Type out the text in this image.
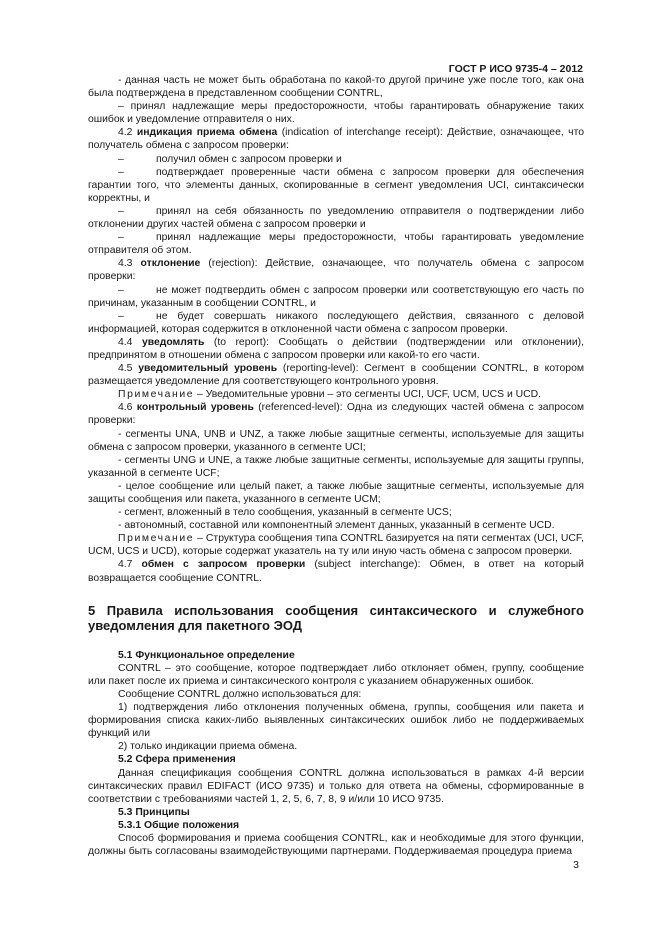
ГОСТ Р ИСО 9735-4 – 2012

- данная часть не может быть обработана по какой-то другой причине уже после того, как она была подтверждена в представленном сообщении CONTRL,

– принял надлежащие меры предосторожности, чтобы гарантировать обнаружение таких ошибок и уведомление отправителя о них.

4.2 индикация приема обмена (indication of interchange receipt): Действие, означающее, что получатель обмена с запросом проверки:

–	получил обмен с запросом проверки и

–	подтверждает проверенные части обмена с запросом проверки для обеспечения гарантии того, что элементы данных, скопированные в сегмент уведомления UCI, синтаксически корректны, и

–	принял на себя обязанность по уведомлению отправителя о подтверждении либо отклонении других частей обмена с запросом проверки и

–	принял надлежащие меры предосторожности, чтобы гарантировать уведомление отправителя об этом.

4.3 отклонение (rejection): Действие, означающее, что получатель обмена с запросом проверки:

–	не может подтвердить обмен с запросом проверки или соответствующую его часть по причинам, указанным в сообщении CONTRL, и

–	не будет совершать никакого последующего действия, связанного с деловой информацией, которая содержится в отклоненной части обмена с запросом проверки.

4.4 уведомлять (to report): Сообщать о действии (подтверждении или отклонении), предпринятом в отношении обмена с запросом проверки или какой-то его части.

4.5 уведомительный уровень (reporting-level): Сегмент в сообщении CONTRL, в котором размещается уведомление для соответствующего контрольного уровня.

Примечание – Уведомительные уровни – это сегменты UCI, UCF, UCM, UCS и UCD.

4.6 контрольный уровень (referenced-level): Одна из следующих частей обмена с запросом проверки:

- сегменты UNA, UNB и UNZ, а также любые защитные сегменты, используемые для защиты обмена с запросом проверки, указанного в сегменте UCI;

- сегменты UNG и UNE, а также любые защитные сегменты, используемые для защиты группы, указанной в сегменте UCF;

- целое сообщение или целый пакет, а также любые защитные сегменты, используемые для защиты сообщения или пакета, указанного в сегменте UCM;

- сегмент, вложенный в тело сообщения, указанный в сегменте UCS;

- автономный, составной или компонентный элемент данных, указанный в сегменте UCD.

Примечание – Структура сообщения типа CONTRL базируется на пяти сегментах (UCI, UCF, UCM, UCS и UCD), которые содержат указатель на ту или иную часть обмена с запросом проверки.

4.7 обмен с запросом проверки (subject interchange): Обмен, в ответ на который возвращается сообщение CONTRL.

5 Правила использования сообщения синтаксического и служебного уведомления для пакетного ЭОД

5.1 Функциональное определение

CONTRL – это сообщение, которое подтверждает либо отклоняет обмен, группу, сообщение или пакет после их приема и синтаксического контроля с указанием обнаруженных ошибок.

Сообщение CONTRL должно использоваться для:

1) подтверждения либо отклонения полученных обмена, группы, сообщения или пакета и формирования списка каких-либо выявленных синтаксических ошибок либо не поддерживаемых функций или

2) только индикации приема обмена.

5.2 Сфера применения

Данная спецификация сообщения CONTRL должна использоваться в рамках 4-й версии синтаксических правил EDIFACT (ИСО 9735) и только для ответа на обмены, сформированные в соответствии с требованиями частей 1, 2, 5, 6, 7, 8, 9 и/или 10 ИСО 9735.

5.3 Принципы

5.3.1 Общие положения

Способ формирования и приема сообщения CONTRL, как и необходимые для этого функции, должны быть согласованы взаимодействующими партнерами. Поддерживаемая процедура приема

3
